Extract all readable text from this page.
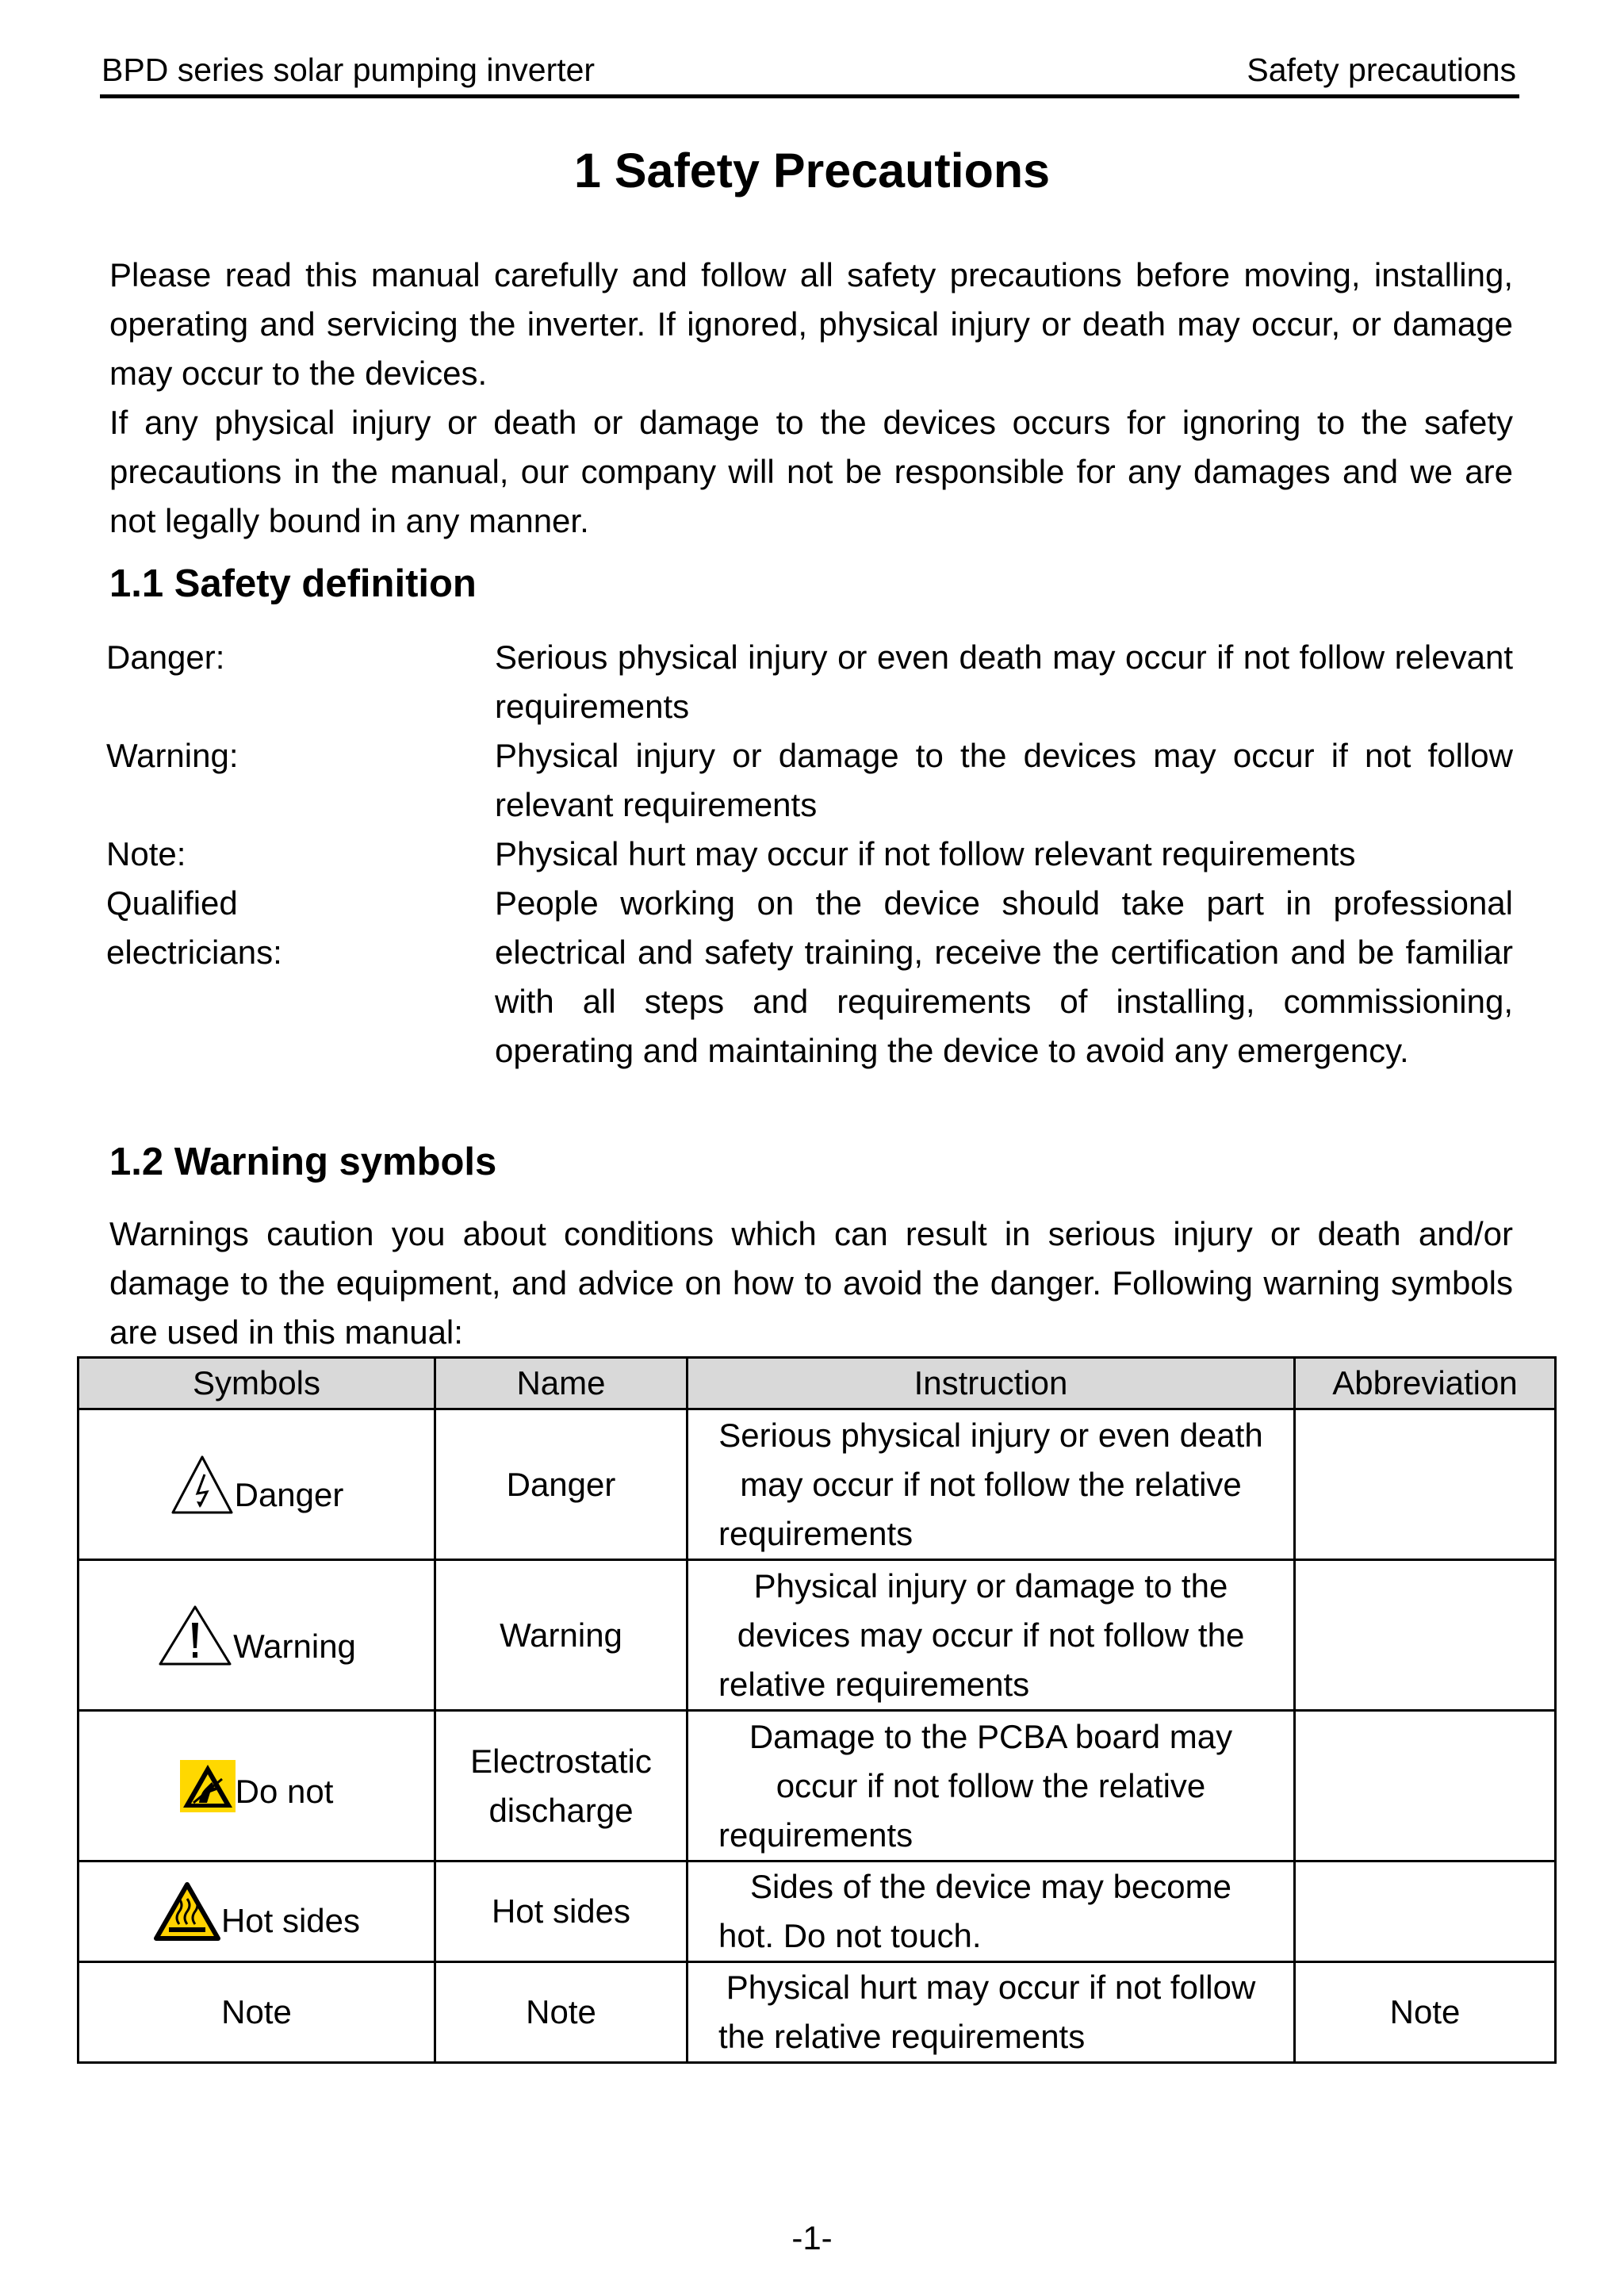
BPD series solar pumping inverter	Safety precautions
1 Safety Precautions

Please read this manual carefully and follow all safety precautions before moving, installing, operating and servicing the inverter. If ignored, physical injury or death may occur, or damage may occur to the devices.

If any physical injury or death or damage to the devices occurs for ignoring to the safety precautions in the manual, our company will not be responsible for any damages and we are not legally bound in any manner.

1.1 Safety definition
Danger:	Serious physical injury or even death may occur if not follow relevant requirements
Warning:	Physical injury or damage to the devices may occur if not follow relevant requirements
Note:	Physical hurt may occur if not follow relevant requirements
Qualified electricians:
People working on the device should take part in professional electrical and safety training, receive the certification and be familiar with all steps and requirements of installing, commissioning, operating and maintaining the device to avoid any emergency.
1.2 Warning symbols

Warnings caution you about conditions which can result in serious injury or death and/or damage to the equipment, and advice on how to avoid the danger. Following warning symbols are used in this manual:

Symbols	Name	Instruction	Abbreviation

Danger	Danger	Serious physical injury or even death may occur if not follow the relative requirements	

Warning	Warning	Physical injury or damage to the devices may occur if not follow the relative requirements	

Do not	Electrostatic discharge	Damage to the PCBA board may occur if not follow the relative requirements	

Hot sides	Hot sides	Sides of the device may become hot. Do not touch.	
Note	Note	Physical hurt may occur if not follow the relative requirements	Note
-1-
